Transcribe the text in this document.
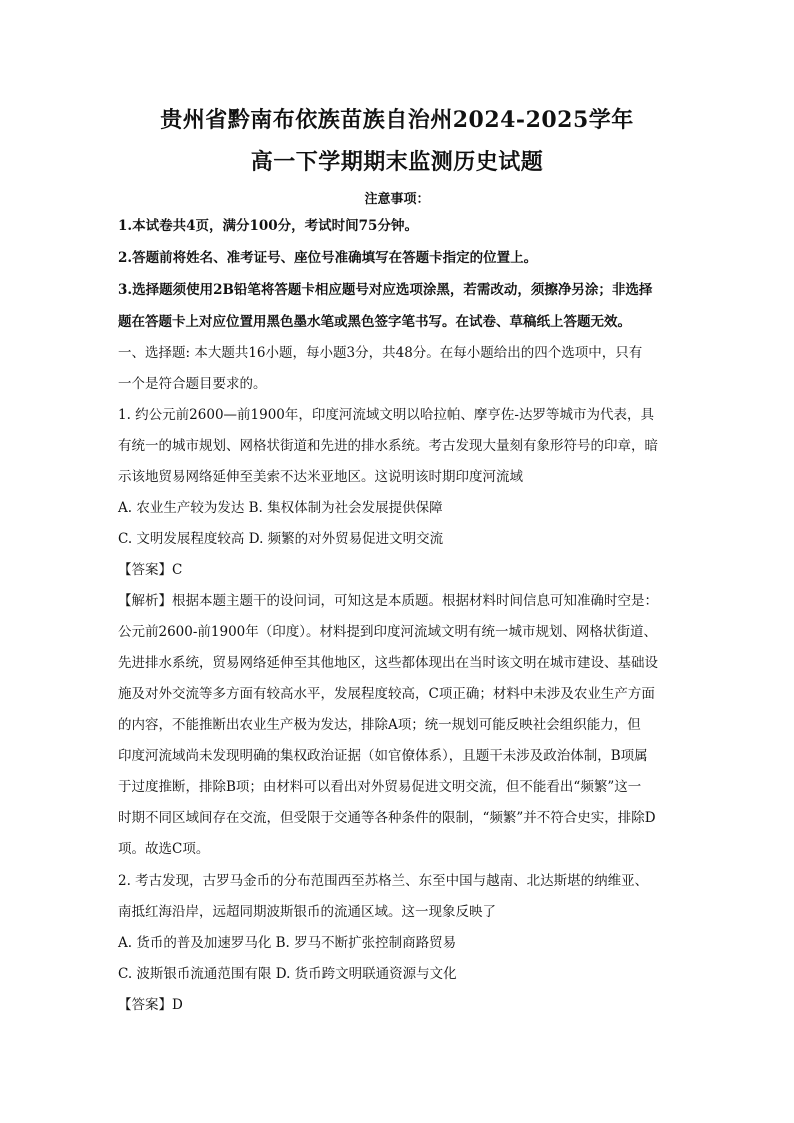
贵州省黔南布依族苗族自治州2024-2025学年
高一下学期期末监测历史试题
注意事项：
1.本试卷共4页，满分100分，考试时间75分钟。
2.答题前将姓名、准考证号、座位号准确填写在答题卡指定的位置上。
3.选择题须使用2B铅笔将答题卡相应题号对应选项涂黑，若需改动，须擦净另涂；非选择
题在答题卡上对应位置用黑色墨水笔或黑色签字笔书写。在试卷、草稿纸上答题无效。
一、选择题: 本大题共16小题，每小题3分，共48分。在每小题给出的四个选项中，只有
一个是符合题目要求的。
1. 约公元前2600—前1900年，印度河流域文明以哈拉帕、摩亨佐-达罗等城市为代表，具
有统一的城市规划、网格状街道和先进的排水系统。考古发现大量刻有象形符号的印章，暗
示该地贸易网络延伸至美索不达米亚地区。这说明该时期印度河流域
A. 农业生产较为发达 B. 集权体制为社会发展提供保障
C. 文明发展程度较高 D. 频繁的对外贸易促进文明交流
【答案】C
【解析】根据本题主题干的设问词，可知这是本质题。根据材料时间信息可知准确时空是：
公元前2600-前1900年（印度）。材料提到印度河流域文明有统一城市规划、网格状街道、
先进排水系统，贸易网络延伸至其他地区，这些都体现出在当时该文明在城市建设、基础设
施及对外交流等多方面有较高水平，发展程度较高，C项正确；材料中未涉及农业生产方面
的内容，不能推断出农业生产极为发达，排除A项；统一规划可能反映社会组织能力，但
印度河流域尚未发现明确的集权政治证据（如官僚体系），且题干未涉及政治体制，B项属
于过度推断，排除B项；由材料可以看出对外贸易促进文明交流，但不能看出“频繁”这一
时期不同区域间存在交流，但受限于交通等各种条件的限制，“频繁”并不符合史实，排除D
项。故选C项。
2. 考古发现，古罗马金币的分布范围西至苏格兰、东至中国与越南、北达斯堪的纳维亚、
南抵红海沿岸，远超同期波斯银币的流通区域。这一现象反映了
A. 货币的普及加速罗马化 B. 罗马不断扩张控制商路贸易
C. 波斯银币流通范围有限 D. 货币跨文明联通资源与文化
【答案】D
